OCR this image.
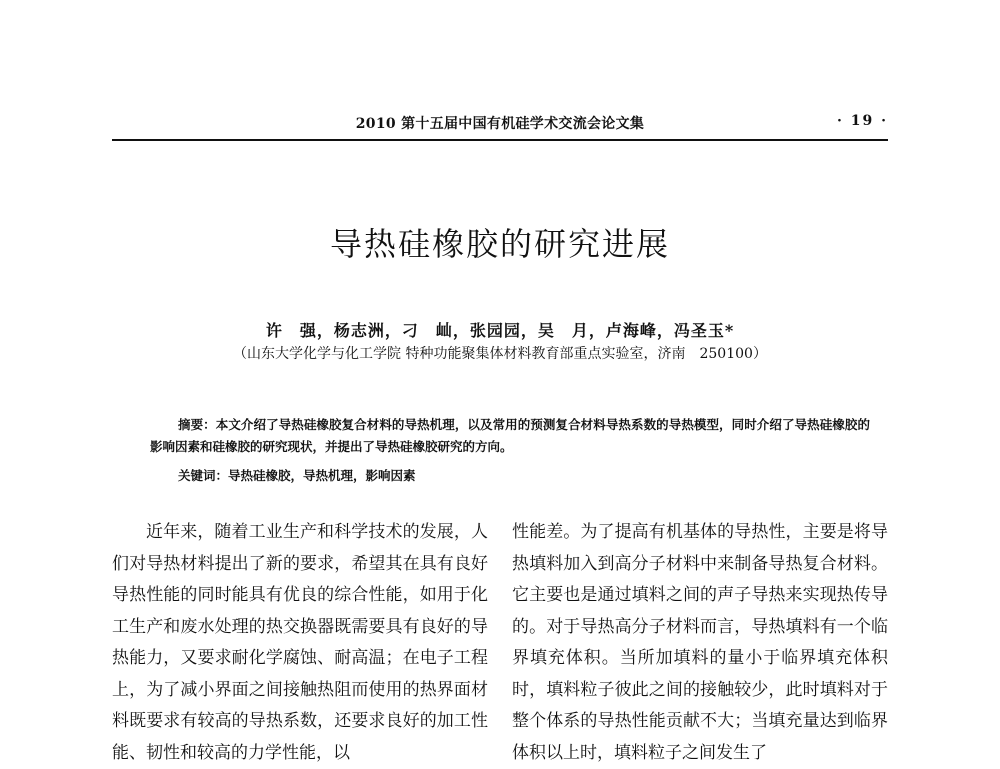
2010 第十五届中国有机硅学术交流会论文集	· 19 ·
导热硅橡胶的研究进展
许　强，杨志洲，刁　屾，张园园，吴　月，卢海峰，冯圣玉*
（山东大学化学与化工学院 特种功能聚集体材料教育部重点实验室，济南　250100）
摘要：本文介绍了导热硅橡胶复合材料的导热机理，以及常用的预测复合材料导热系数的导热模型，同时介绍了导热硅橡胶的影响因素和硅橡胶的研究现状，并提出了导热硅橡胶研究的方向。
关键词：导热硅橡胶，导热机理，影响因素

近年来，随着工业生产和科学技术的发展，人们对导热材料提出了新的要求，希望其在具有良好导热性能的同时能具有优良的综合性能，如用于化工生产和废水处理的热交换器既需要具有良好的导热能力，又要求耐化学腐蚀、耐高温；在电子工程上，为了减小界面之间接触热阻而使用的热界面材料既要求有较高的导热系数，还要求良好的加工性能、韧性和较高的力学性能，以

性能差。为了提高有机基体的导热性，主要是将导热填料加入到高分子材料中来制备导热复合材料。它主要也是通过填料之间的声子导热来实现热传导的。对于导热高分子材料而言，导热填料有一个临界填充体积。当所加填料的量小于临界填充体积时，填料粒子彼此之间的接触较少，此时填料对于整个体系的导热性能贡献不大；当填充量达到临界体积以上时，填料粒子之间发生了
